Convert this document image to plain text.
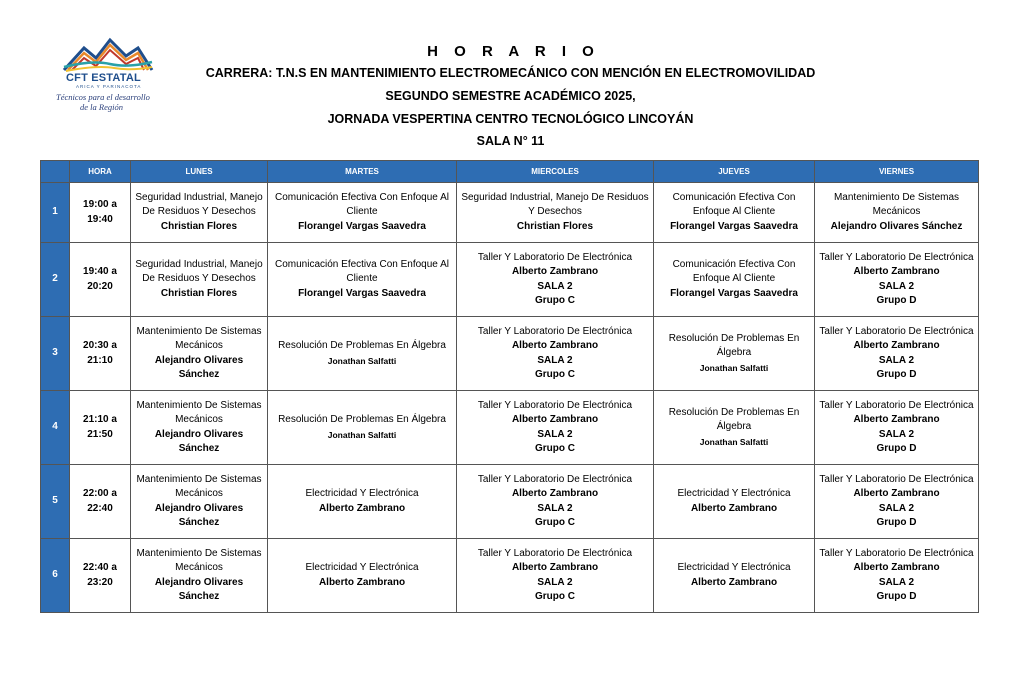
CFT ESTATAL
ARICA Y PARINACOTA
Técnicos para el desarrollo
de la Región
H O R A R I O
CARRERA: T.N.S EN MANTENIMIENTO ELECTROMECÁNICO CON MENCIÓN EN ELECTROMOVILIDAD
SEGUNDO SEMESTRE ACADÉMICO 2025,
JORNADA VESPERTINA CENTRO TECNOLÓGICO LINCOYÁN
SALA N° 11
	HORA	LUNES	MARTES	MIERCOLES	JUEVES	VIERNES
1	19:00 a
19:40	Seguridad Industrial, Manejo De Residuos Y Desechos
Christian Flores	Comunicación Efectiva Con Enfoque Al Cliente
Florangel Vargas Saavedra	Seguridad Industrial, Manejo De Residuos Y Desechos
Christian Flores	Comunicación Efectiva Con Enfoque Al Cliente
Florangel Vargas Saavedra	Mantenimiento De Sistemas Mecánicos
Alejandro Olivares Sánchez

2	19:40 a
20:20	Seguridad Industrial, Manejo De Residuos Y Desechos
Christian Flores	Comunicación Efectiva Con Enfoque Al Cliente
Florangel Vargas Saavedra	Taller Y Laboratorio De Electrónica
Alberto Zambrano
SALA 2
Grupo C	Comunicación Efectiva Con Enfoque Al Cliente
Florangel Vargas Saavedra	Taller Y Laboratorio De Electrónica
Alberto Zambrano
SALA 2
Grupo D

3	20:30 a
21:10	Mantenimiento De Sistemas Mecánicos
Alejandro Olivares Sánchez	Resolución De Problemas En Álgebra
Jonathan Salfatti	Taller Y Laboratorio De Electrónica
Alberto Zambrano
SALA 2
Grupo C	Resolución De Problemas En Álgebra
Jonathan Salfatti	Taller Y Laboratorio De Electrónica
Alberto Zambrano
SALA 2
Grupo D

4	21:10 a
21:50	Mantenimiento De Sistemas Mecánicos
Alejandro Olivares Sánchez	Resolución De Problemas En Álgebra
Jonathan Salfatti	Taller Y Laboratorio De Electrónica
Alberto Zambrano
SALA 2
Grupo C	Resolución De Problemas En Álgebra
Jonathan Salfatti	Taller Y Laboratorio De Electrónica
Alberto Zambrano
SALA 2
Grupo D

5	22:00 a
22:40	Mantenimiento De Sistemas Mecánicos
Alejandro Olivares Sánchez	Electricidad Y Electrónica
Alberto Zambrano	Taller Y Laboratorio De Electrónica
Alberto Zambrano
SALA 2
Grupo C	Electricidad Y Electrónica
Alberto Zambrano	Taller Y Laboratorio De Electrónica
Alberto Zambrano
SALA 2
Grupo D

6	22:40 a
23:20	Mantenimiento De Sistemas Mecánicos
Alejandro Olivares Sánchez	Electricidad Y Electrónica
Alberto Zambrano	Taller Y Laboratorio De Electrónica
Alberto Zambrano
SALA 2
Grupo C	Electricidad Y Electrónica
Alberto Zambrano	Taller Y Laboratorio De Electrónica
Alberto Zambrano
SALA 2
Grupo D
